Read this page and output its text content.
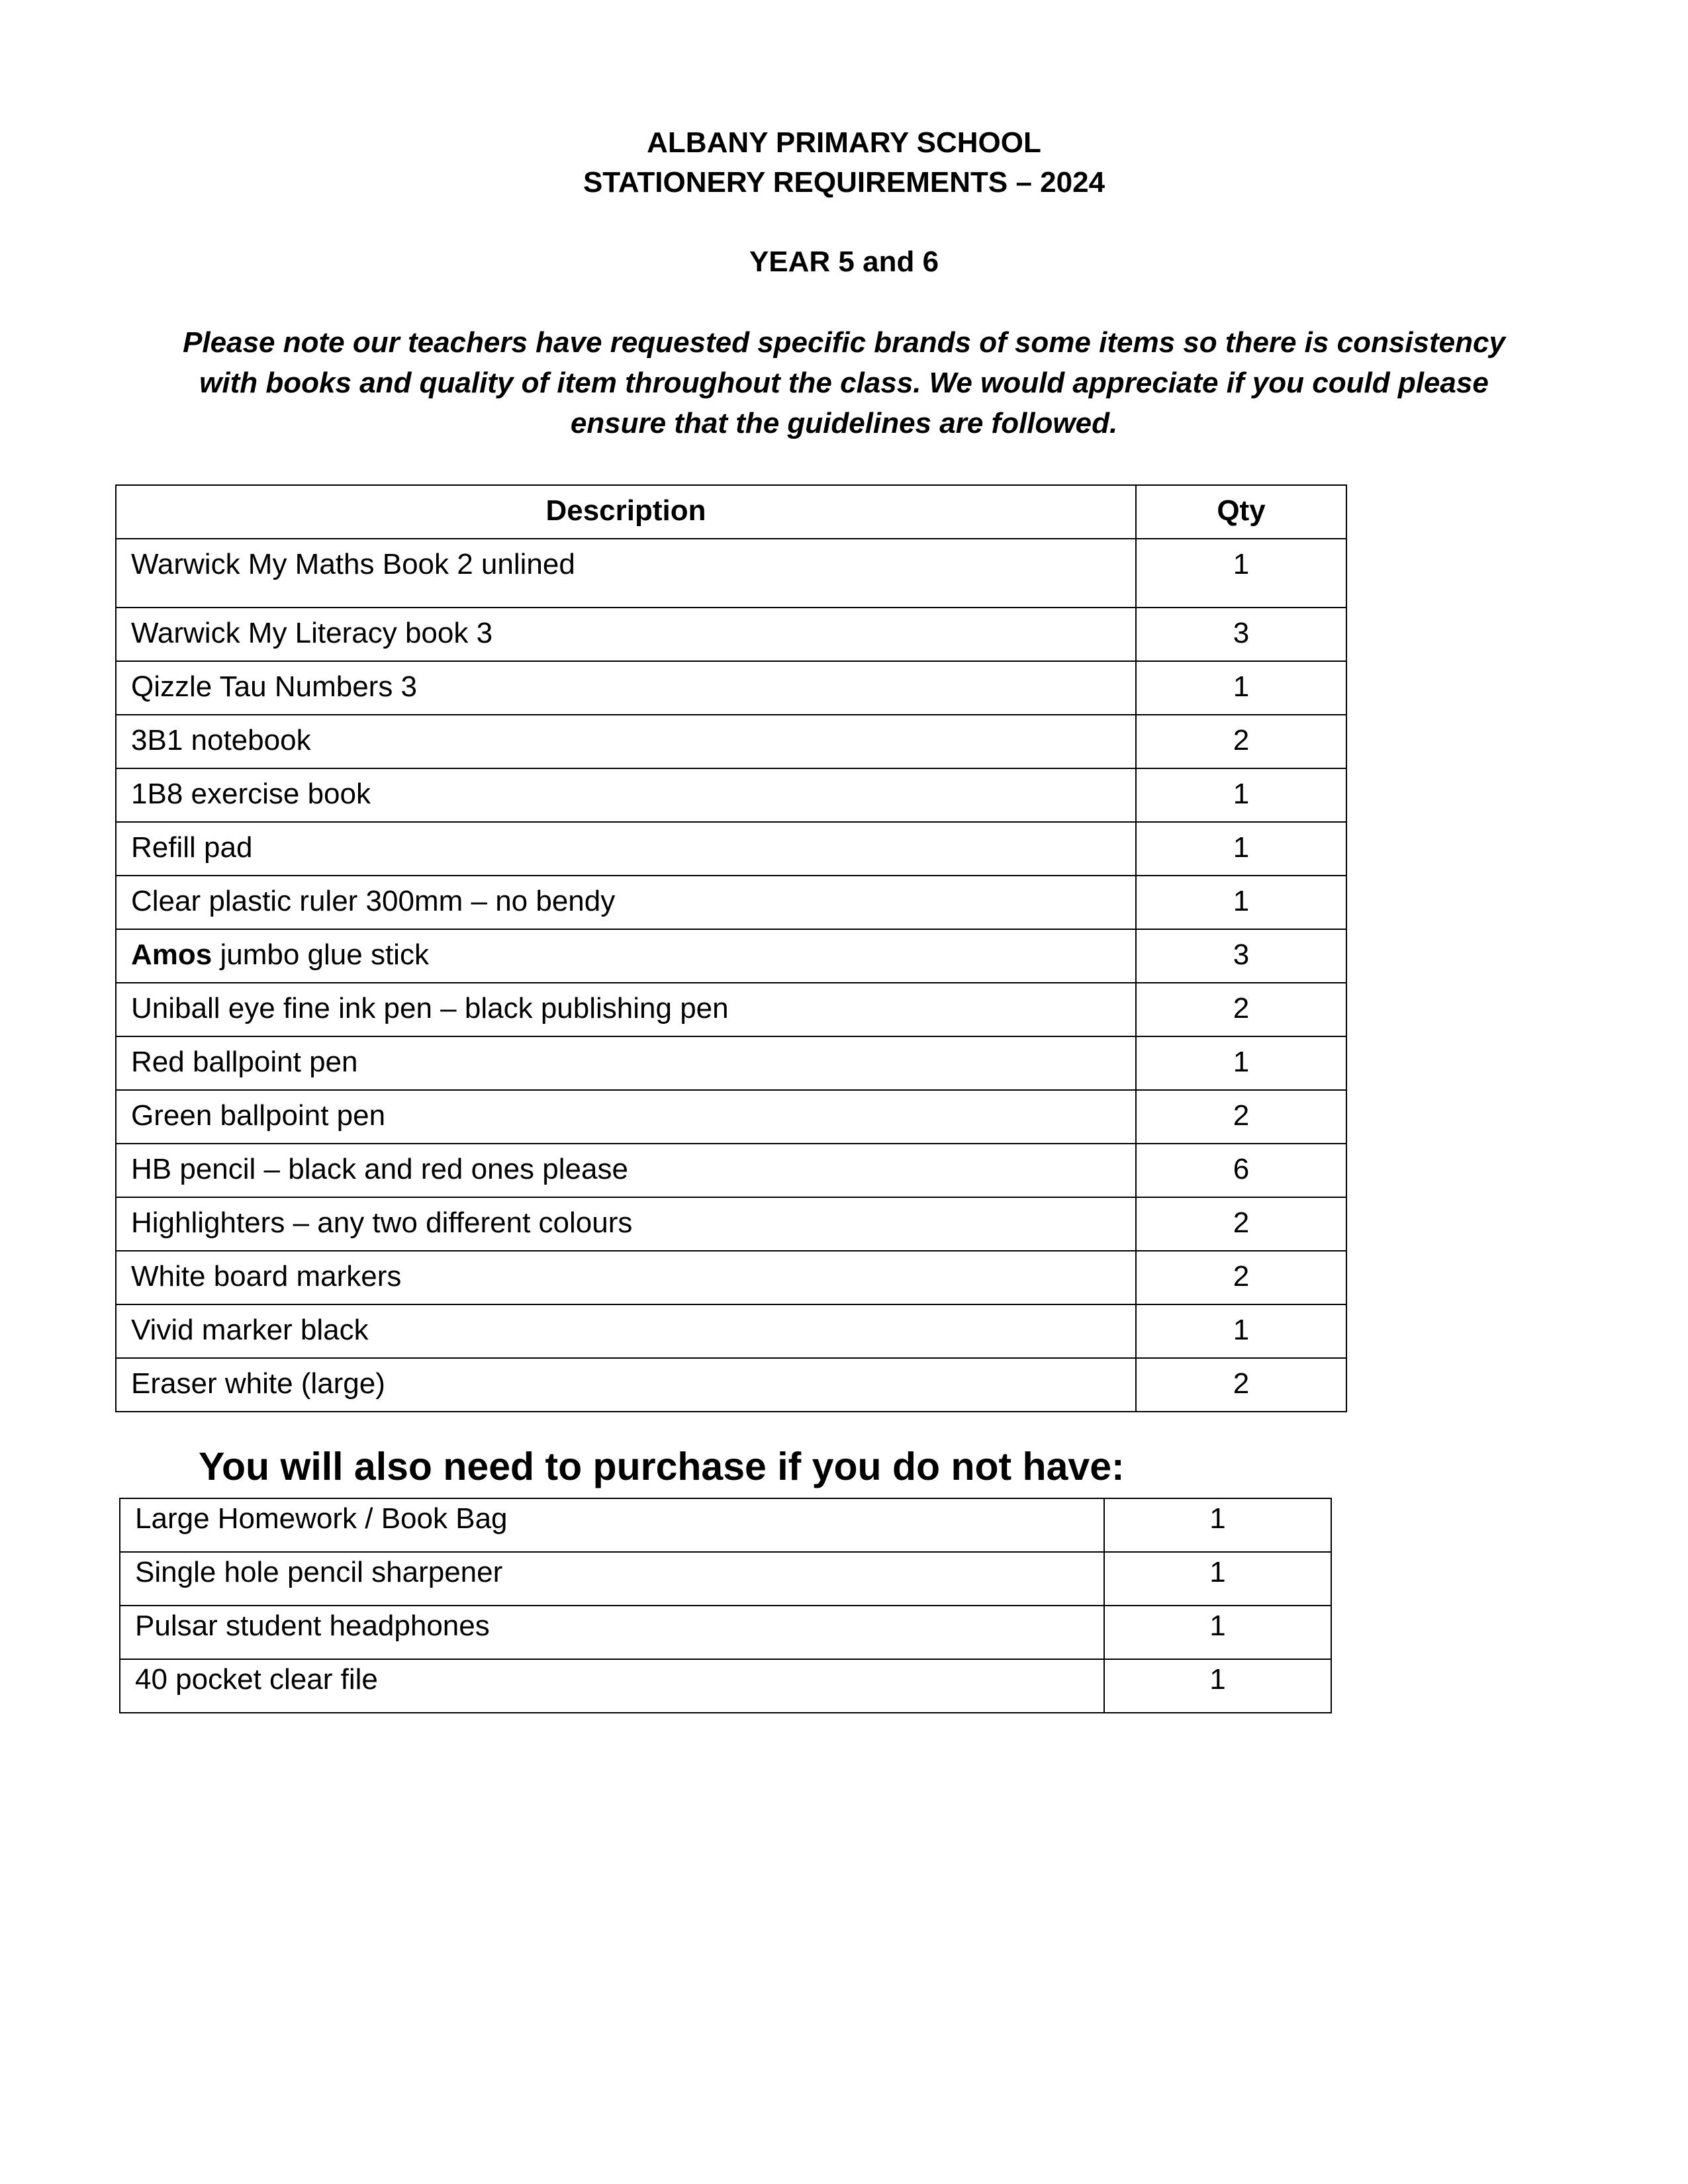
ALBANY PRIMARY SCHOOL
STATIONERY REQUIREMENTS – 2024
YEAR 5 and 6

Please note our teachers have requested specific brands of some items so there is consistency with books and quality of item throughout the class. We would appreciate if you could please ensure that the guidelines are followed.

Description	Qty
Warwick My Maths Book 2 unlined	1
Warwick My Literacy book 3	3
Qizzle Tau Numbers 3	1
3B1 notebook	2
1B8 exercise book	1
Refill pad	1
Clear plastic ruler 300mm – no bendy	1
Amos jumbo glue stick	3
Uniball eye fine ink pen – black publishing pen	2
Red ballpoint pen	1
Green ballpoint pen	2
HB pencil – black and red ones please	6
Highlighters – any two different colours	2
White board markers	2
Vivid marker black	1
Eraser white (large)	2
You will also need to purchase if you do not have:
Large Homework / Book Bag	1
Single hole pencil sharpener	1
Pulsar student headphones	1
40 pocket clear file	1
